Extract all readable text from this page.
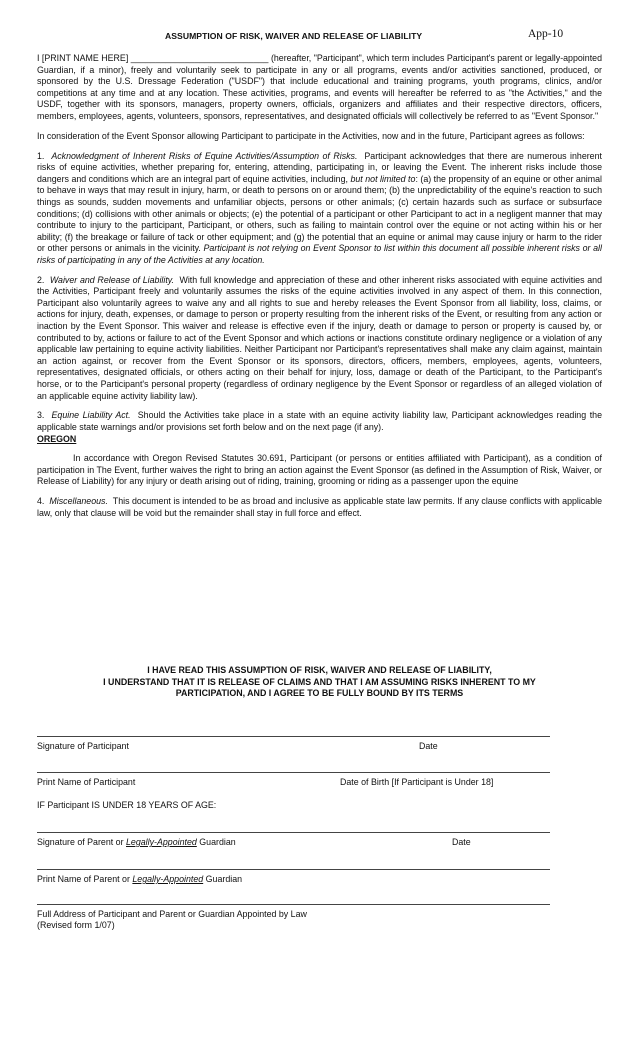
ASSUMPTION OF RISK, WAIVER AND RELEASE OF LIABILITY	App-10

I [PRINT NAME HERE] ____________________________ (hereafter, "Participant", which term includes Participant's parent or legally-appointed Guardian, if a minor), freely and voluntarily seek to participate in any or all programs, events and/or activities sanctioned, produced, or sponsored by the U.S. Dressage Federation ("USDF") that include educational and training programs, youth programs, clinics, and/or competitions at any time and at any location. These activities, programs, and events will hereafter be referred to as "the Activities," and the USDF, together with its sponsors, managers, property owners, officials, organizers and affiliates and their respective directors, officers, members, employees, agents, volunteers, sponsors, representatives, and designated officials will collectively be referred to as "Event Sponsor."

In consideration of the Event Sponsor allowing Participant to participate in the Activities, now and in the future, Participant agrees as follows:

1. Acknowledgment of Inherent Risks of Equine Activities/Assumption of Risks. Participant acknowledges that there are numerous inherent risks of equine activities, whether preparing for, entering, attending, participating in, or leaving the Event. The inherent risks include those dangers and conditions which are an integral part of equine activities, including, but not limited to: (a) the propensity of an equine or other animal to behave in ways that may result in injury, harm, or death to persons on or around them; (b) the unpredictability of the equine's reaction to such things as sounds, sudden movements and unfamiliar objects, persons or other animals; (c) certain hazards such as surface or subsurface conditions; (d) collisions with other animals or objects; (e) the potential of a participant or other Participant to act in a negligent manner that may contribute to injury to the participant, Participant, or others, such as failing to maintain control over the equine or not acting within his or her ability; (f) the breakage or failure of tack or other equipment; and (g) the potential that an equine or animal may cause injury or harm to the rider or other persons or animals in the vicinity. Participant is not relying on Event Sponsor to list within this document all possible inherent risks or all risks of participating in any of the Activities at any location.

2. Waiver and Release of Liability. With full knowledge and appreciation of these and other inherent risks associated with equine activities and the Activities, Participant freely and voluntarily assumes the risks of the equine activities involved in any aspect of them. In this connection, Participant also voluntarily agrees to waive any and all rights to sue and hereby releases the Event Sponsor from all liability, loss, claims, or actions for injury, death, expenses, or damage to person or property resulting from the inherent risks of the Event, or resulting from any action or inaction by the Event Sponsor. This waiver and release is effective even if the injury, death or damage to person or property is caused by, or contributed to by, actions or failure to act of the Event Sponsor and which actions or inactions constitute ordinary negligence or a violation of any applicable law pertaining to equine activity liabilities. Neither Participant nor Participant's representatives shall make any claim against, maintain an action against, or recover from the Event Sponsor or its sponsors, directors, officers, members, employees, agents, volunteers, representatives, designated officials, or others acting on their behalf for injury, loss, damage or death of the Participant, to the Participant's horse, or to the Participant's personal property (regardless of ordinary negligence by the Event Sponsor or regardless of an alleged violation of an applicable equine activity liability law).

3. Equine Liability Act. Should the Activities take place in a state with an equine activity liability law, Participant acknowledges reading the applicable state warnings and/or provisions set forth below and on the next page (if any).

OREGON

In accordance with Oregon Revised Statutes 30.691, Participant (or persons or entities affiliated with Participant), as a condition of participation in The Event, further waives the right to bring an action against the Event Sponsor (as defined in the Assumption of Risk, Waiver, or Release of Liability) for any injury or death arising out of riding, training, grooming or riding as a passenger upon the equine

4. Miscellaneous. This document is intended to be as broad and inclusive as applicable state law permits. If any clause conflicts with applicable law, only that clause will be void but the remainder shall stay in full force and effect.

I HAVE READ THIS ASSUMPTION OF RISK, WAIVER AND RELEASE OF LIABILITY,
I UNDERSTAND THAT IT IS RELEASE OF CLAIMS AND THAT I AM ASSUMING RISKS INHERENT TO MY
PARTICIPATION, AND I AGREE TO BE FULLY BOUND BY ITS TERMS
Signature of Participant	Date
Print Name of Participant	Date of Birth [If Participant is Under 18]
IF Participant IS UNDER 18 YEARS OF AGE:
Signature of Parent or Legally-Appointed Guardian	Date
Print Name of Parent or Legally-Appointed Guardian
Full Address of Participant and Parent or Guardian Appointed by Law
(Revised form 1/07)
